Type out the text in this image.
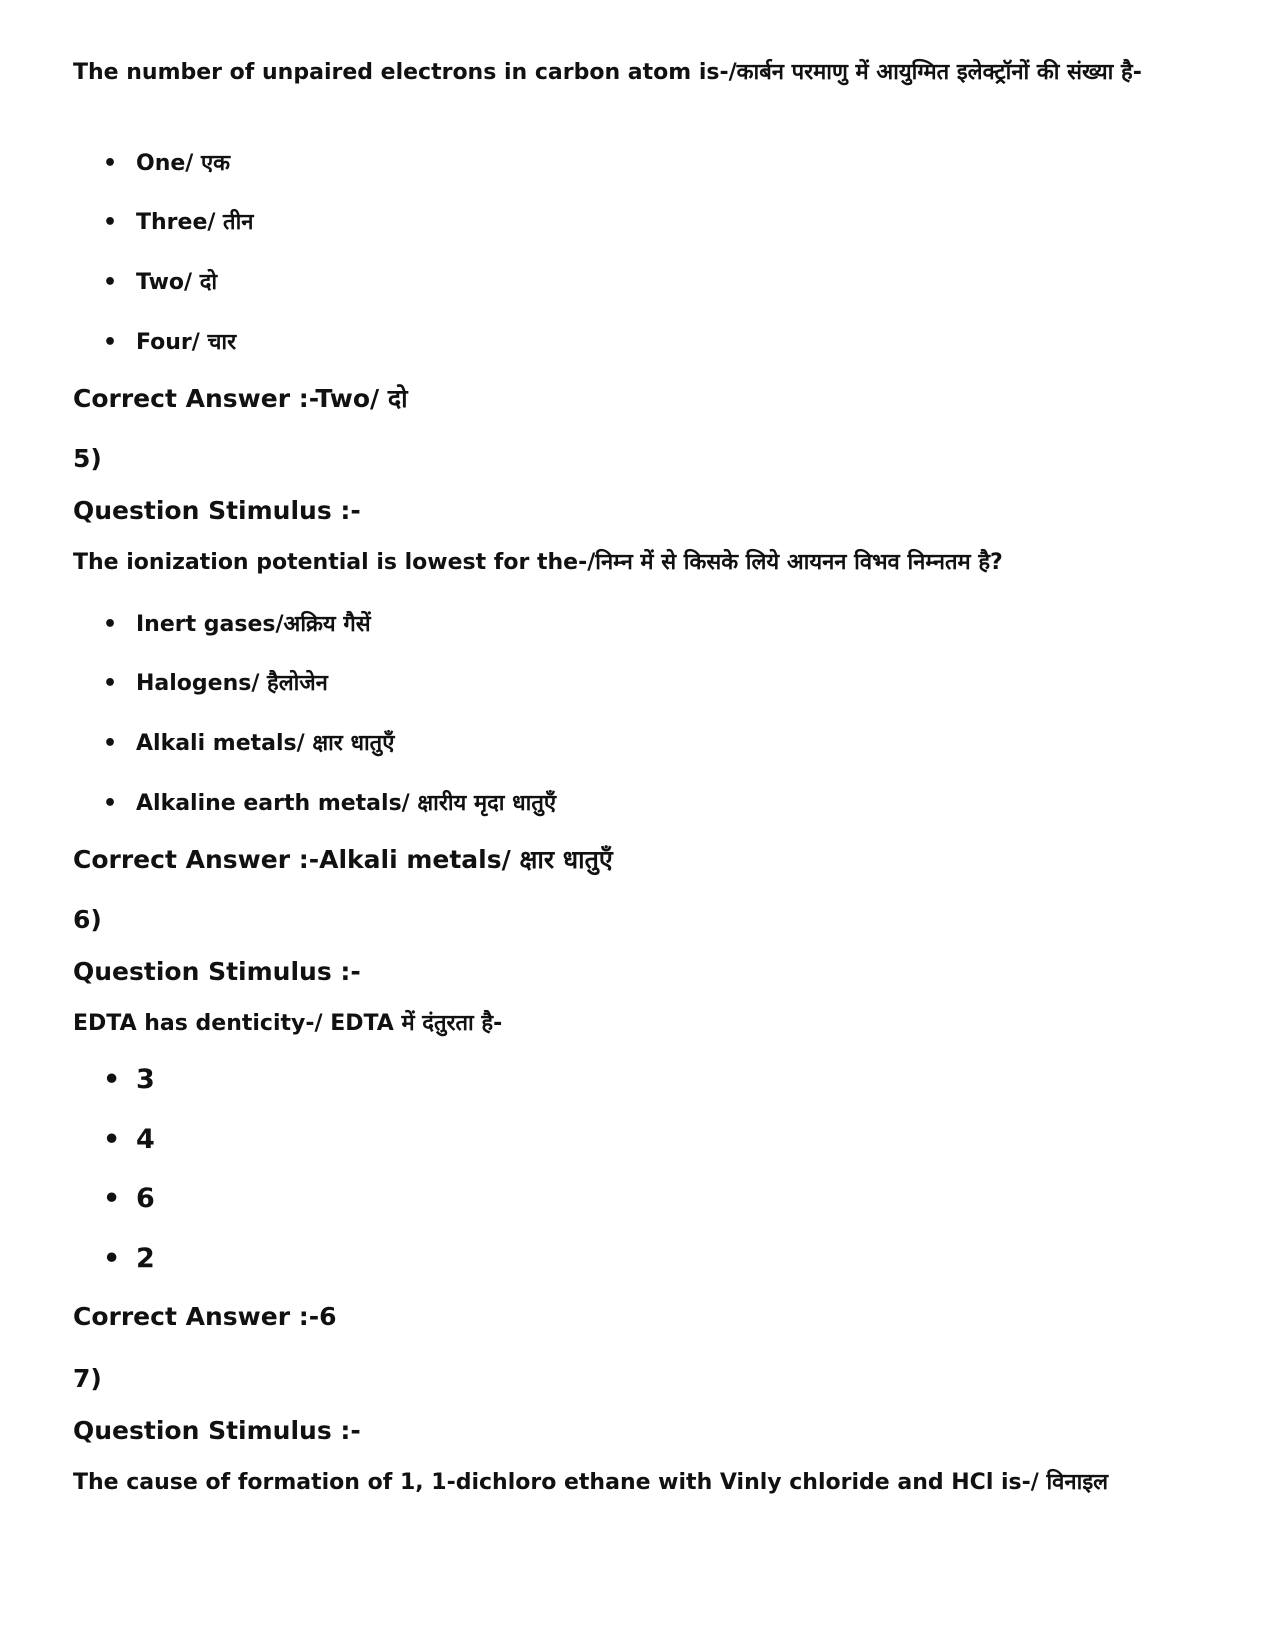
The number of unpaired electrons in carbon atom is-/कार्बन परमाणु में आयुग्मित इलेक्ट्रॉनों की संख्या है-

• One/ एक
• Three/ तीन
• Two/ दो
• Four/ चार
Correct Answer :-Two/ दो
5)
Question Stimulus :-

The ionization potential is lowest for the-/निम्न में से किसके लिये आयनन विभव निम्नतम है?

• Inert gases/अक्रिय गैसें
• Halogens/ हैलोजेन
• Alkali metals/ क्षार धातुएँ
• Alkaline earth metals/ क्षारीय मृदा धातुएँ
Correct Answer :-Alkali metals/ क्षार धातुएँ
6)
Question Stimulus :-

EDTA has denticity-/ EDTA में दंतुरता है-

• 3
• 4
• 6
• 2
Correct Answer :-6
7)
Question Stimulus :-

The cause of formation of 1, 1-dichloro ethane with Vinly chloride and HCl is-/ विनाइल
